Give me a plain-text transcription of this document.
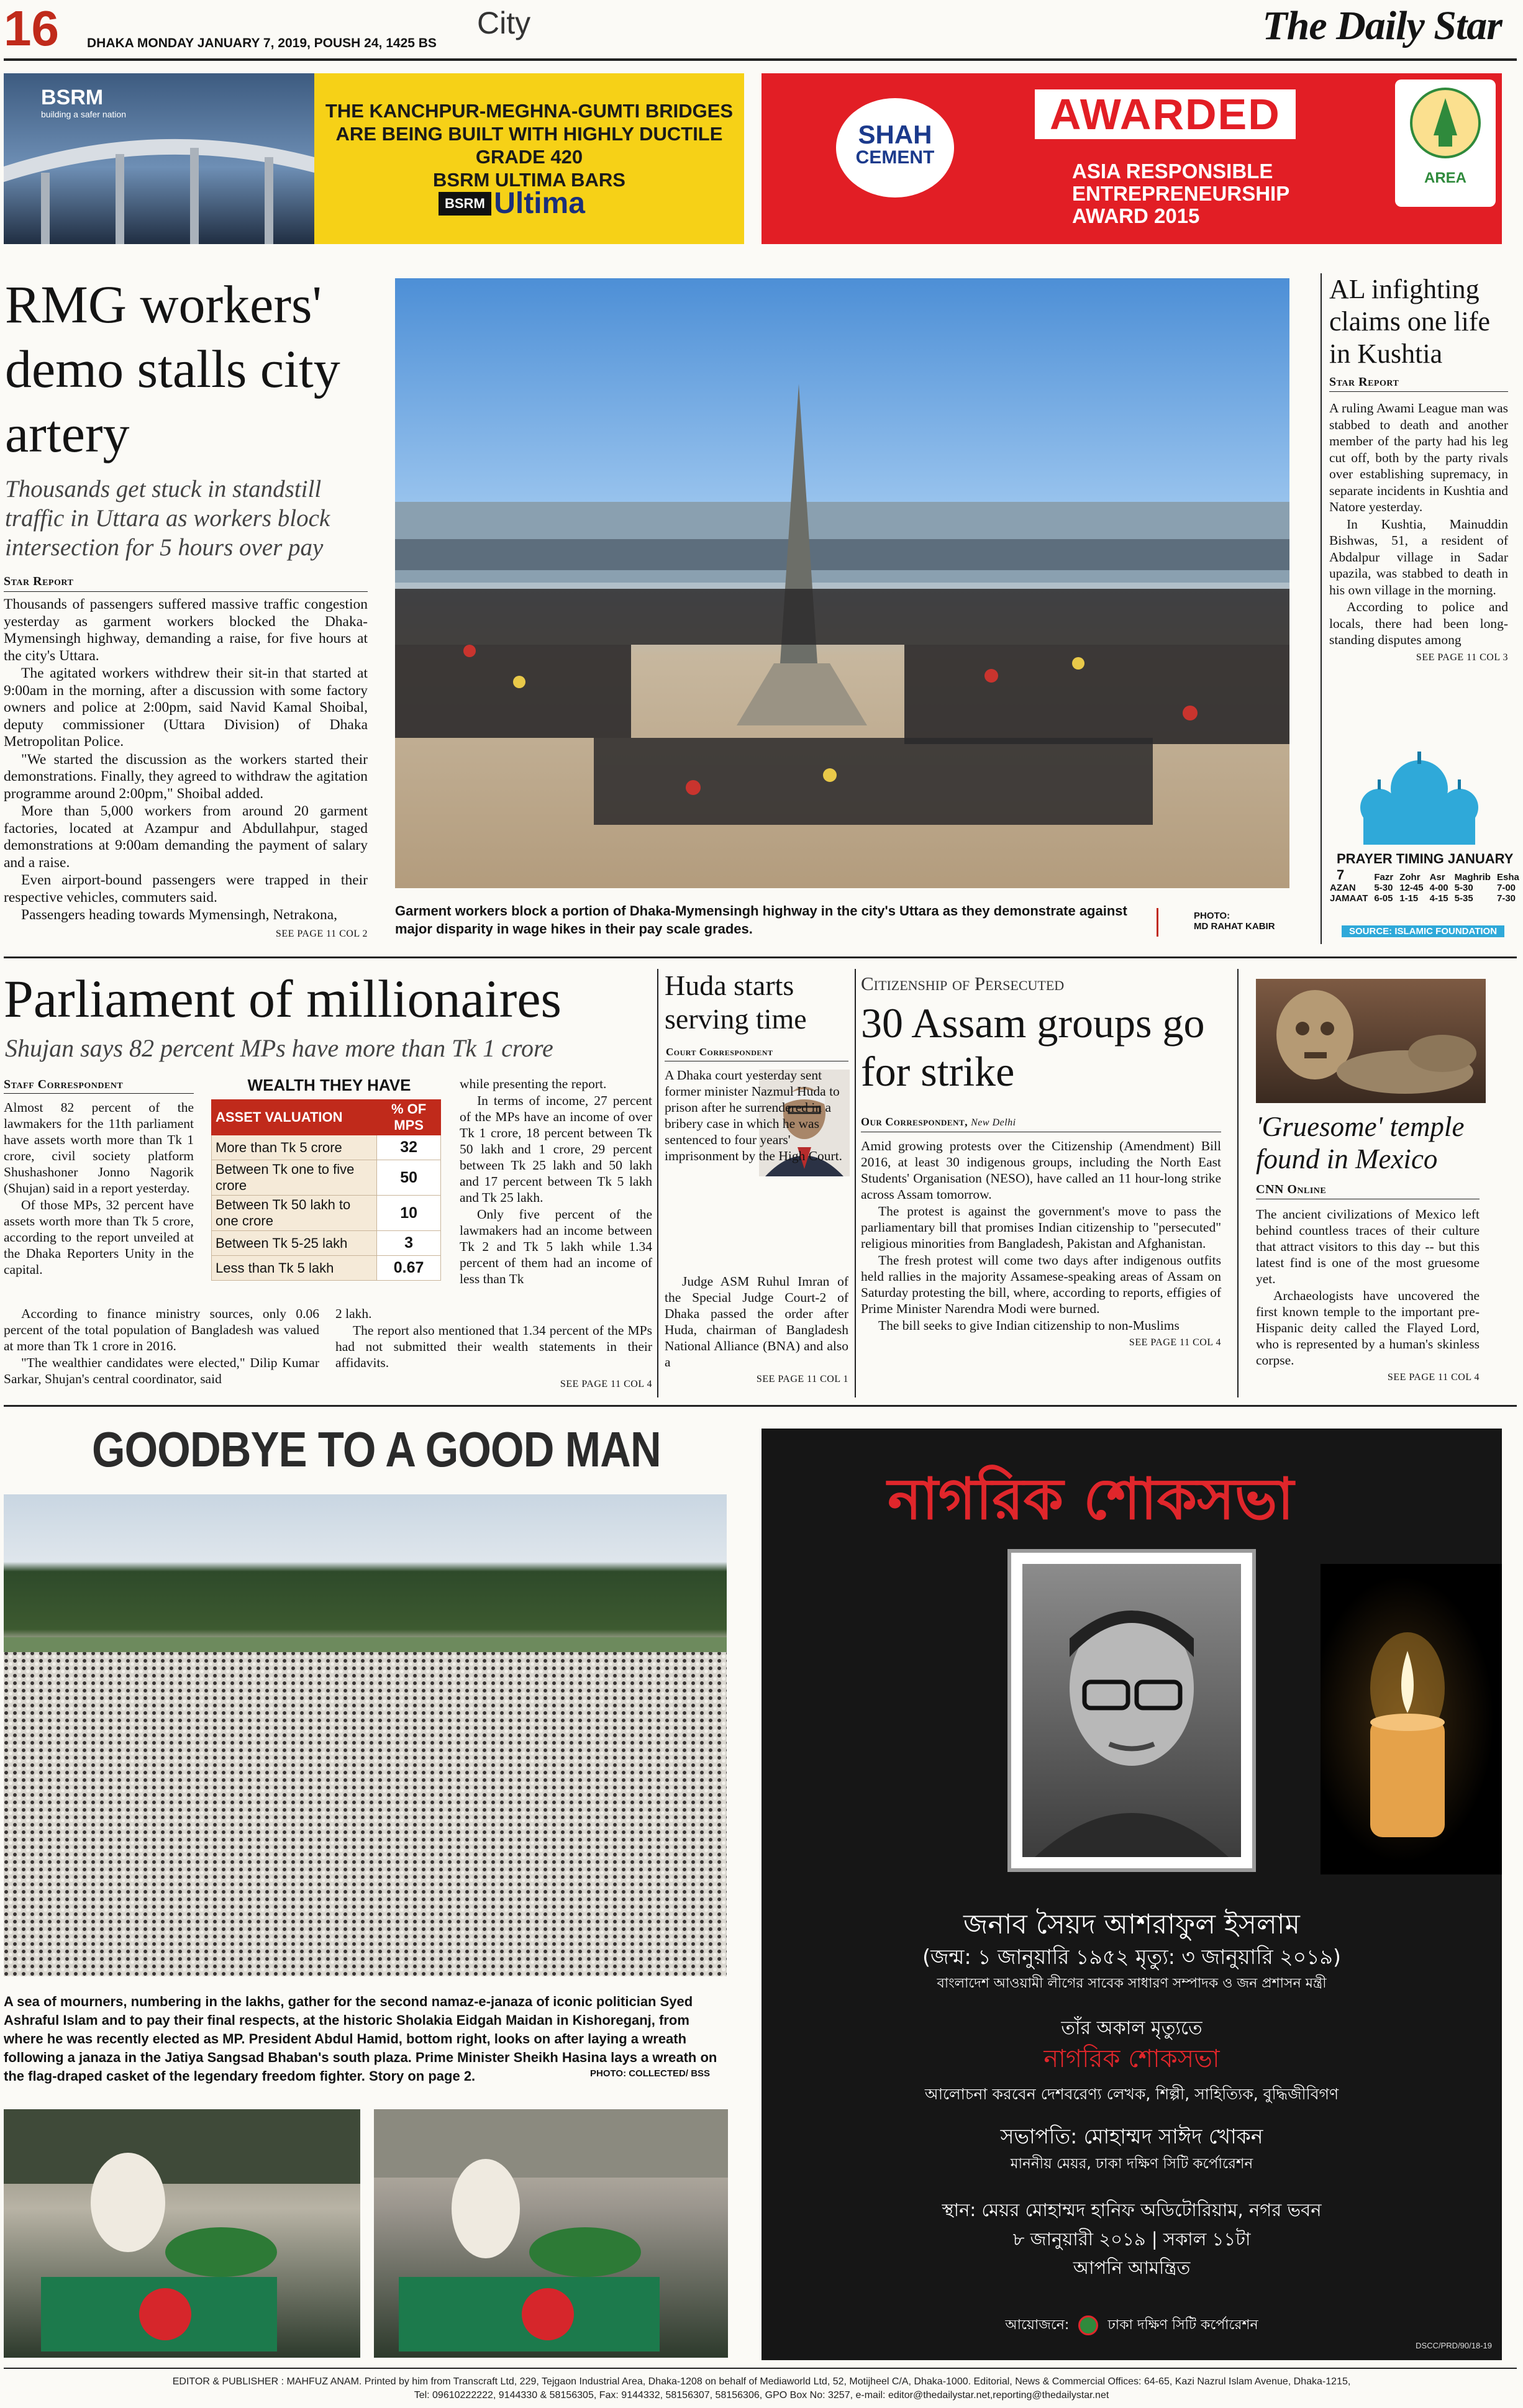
16 DHAKA MONDAY JANUARY 7, 2019, POUSH 24, 1425 BS
City	The Daily Star
BSRM
building a safer nation	THE KANCHPUR-MEGHNA-GUMTI BRIDGES
ARE BEING BUILT WITH HIGHLY DUCTILE GRADE 420
BSRM ULTIMA BARS
BSRM Ultima
SHAH
CEMENT
AWARDED
ASIA RESPONSIBLE
ENTREPRENEURSHIP
AWARD 2015
AREA
RMG workers' demo stalls city artery
Thousands get stuck in standstill traffic in Uttara as workers block intersection for 5 hours over pay
Star Report

Thousands of passengers suffered massive traffic congestion yesterday as garment workers blocked the Dhaka-Mymensingh highway, demanding a raise, for five hours at the city's Uttara.

The agitated workers withdrew their sit-in that started at 9:00am in the morning, after a discussion with some factory owners and police at 2:00pm, said Navid Kamal Shoibal, deputy commissioner (Uttara Division) of Dhaka Metropolitan Police.

"We started the discussion as the workers started their demonstrations. Finally, they agreed to withdraw the agitation programme around 2:00pm," Shoibal added.

More than 5,000 workers from around 20 garment factories, located at Azampur and Abdullahpur, staged demonstrations at 9:00am demanding the payment of salary and a raise.

Even airport-bound passengers were trapped in their respective vehicles, commuters said.

Passengers heading towards Mymensingh, Netrakona,

SEE PAGE 11 COL 2
Garment workers block a portion of Dhaka-Mymensingh highway in the city's Uttara as they demonstrate against major disparity in wage hikes in their pay scale grades.
PHOTO:
MD RAHAT KABIR
AL infighting claims one life in Kushtia
Star Report

A ruling Awami League man was stabbed to death and another member of the party had his leg cut off, both by the party rivals over establishing supremacy, in separate incidents in Kushtia and Natore yesterday.

In Kushtia, Mainuddin Bishwas, 51, a resident of Abdalpur village in Sadar upazila, was stabbed to death in his own village in the morning.

According to police and locals, there had been long-standing disputes among

SEE PAGE 11 COL 3
PRAYER TIMING JANUARY 7
		Fazr	Zohr	Asr	Maghrib	Esha
AZAN	5-30	12-45	4-00	5-30	7-00
JAMAAT	6-05	1-15	4-15	5-35	7-30
SOURCE: ISLAMIC FOUNDATION
Parliament of millionaires
Shujan says 82 percent MPs have more than Tk 1 crore
Staff Correspondent

Almost 82 percent of the lawmakers for the 11th parliament have assets worth more than Tk 1 crore, civil society platform Shushashoner Jonno Nagorik (Shujan) said in a report yesterday.

Of those MPs, 32 percent have assets worth more than Tk 5 crore, according to the report unveiled at the Dhaka Reporters Unity in the capital.

According to finance ministry sources, only 0.06 percent of the total population of Bangladesh was valued at more than Tk 1 crore in 2016.

"The wealthier candidates were elected," Dilip Kumar Sarkar, Shujan's central coordinator, said

WEALTH THEY HAVE
ASSET VALUATION	% OF MPS
More than Tk 5 crore	32
Between Tk one to five crore	50
Between Tk 50 lakh to one crore	10
Between Tk 5-25 lakh	3
Less than Tk 5 lakh	0.67

2 lakh.

The report also mentioned that 1.34 percent of the MPs had not submitted their wealth statements in their affidavits.

while presenting the report.

In terms of income, 27 percent of the MPs have an income of over Tk 1 crore, 18 percent between Tk 50 lakh and 1 crore, 29 percent between Tk 25 lakh and 50 lakh and 17 percent between Tk 5 lakh and Tk 25 lakh.

Only five percent of the lawmakers had an income between Tk 2 and Tk 5 lakh while 1.34 percent of them had an income of less than Tk

SEE PAGE 11 COL 4
Huda starts serving time
Court Correspondent

A Dhaka court yesterday sent former minister Nazmul Huda to prison after he surrendered in a bribery case in which he was sentenced to four years' imprisonment by the High Court.

Judge ASM Ruhul Imran of the Special Judge Court-2 of Dhaka passed the order after Huda, chairman of Bangladesh National Alliance (BNA) and also a

SEE PAGE 11 COL 1
Citizenship of Persecuted
30 Assam groups go for strike
Our Correspondent, New Delhi

Amid growing protests over the Citizenship (Amendment) Bill 2016, at least 30 indigenous groups, including the North East Students' Organisation (NESO), have called an 11 hour-long strike across Assam tomorrow.

The protest is against the government's move to pass the parliamentary bill that promises Indian citizenship to "persecuted" religious minorities from Bangladesh, Pakistan and Afghanistan.

The fresh protest will come two days after indigenous outfits held rallies in the majority Assamese-speaking areas of Assam on Saturday protesting the bill, where, according to reports, effigies of Prime Minister Narendra Modi were burned.

The bill seeks to give Indian citizenship to non-Muslims

SEE PAGE 11 COL 4
'Gruesome' temple found in Mexico
CNN Online

The ancient civilizations of Mexico left behind countless traces of their culture that attract visitors to this day -- but this latest find is one of the most gruesome yet.

Archaeologists have uncovered the first known temple to the important pre-Hispanic deity called the Flayed Lord, who is represented by a human's skinless corpse.

SEE PAGE 11 COL 4
GOODBYE TO A GOOD MAN
A sea of mourners, numbering in the lakhs, gather for the second namaz-e-janaza of iconic politician Syed Ashraful Islam and to pay their final respects, at the historic Sholakia Eidgah Maidan in Kishoreganj, from where he was recently elected as MP. President Abdul Hamid, bottom right, looks on after laying a wreath following a janaza in the Jatiya Sangsad Bhaban's south plaza. Prime Minister Sheikh Hasina lays a wreath on the flag-draped casket of the legendary freedom fighter. Story on page 2.	PHOTO: COLLECTED/ BSS
নাগরিক শোকসভা
জনাব সৈয়দ আশরাফুল ইসলাম
(জন্ম: ১ জানুয়ারি ১৯৫২ মৃত্যু: ৩ জানুয়ারি ২০১৯)
বাংলাদেশ আওয়ামী লীগের সাবেক সাধারণ সম্পাদক ও জন প্রশাসন মন্ত্রী
তাঁর অকাল মৃত্যুতে
নাগরিক শোকসভা
আলোচনা করবেন দেশবরেণ্য লেখক, শিল্পী, সাহিত্যিক, বুদ্ধিজীবিগণ
সভাপতি: মোহাম্মদ সাঈদ খোকন
মাননীয় মেয়র, ঢাকা দক্ষিণ সিটি কর্পোরেশন
স্থান: মেয়র মোহাম্মদ হানিফ অডিটোরিয়াম, নগর ভবন
৮ জানুয়ারী ২০১৯ | সকাল ১১টা
আপনি আমন্ত্রিত
আয়োজনে:	ঢাকা দক্ষিণ সিটি কর্পোরেশন
DSCC/PRD/90/18-19
EDITOR & PUBLISHER : MAHFUZ ANAM. Printed by him from Transcraft Ltd, 229, Tejgaon Industrial Area, Dhaka-1208 on behalf of Mediaworld Ltd, 52, Motijheel C/A, Dhaka-1000. Editorial, News & Commercial Offices: 64-65, Kazi Nazrul Islam Avenue, Dhaka-1215,
Tel: 09610222222, 9144330 & 58156305, Fax: 9144332, 58156307, 58156306, GPO Box No: 3257, e-mail: editor@thedailystar.net,reporting@thedailystar.net
